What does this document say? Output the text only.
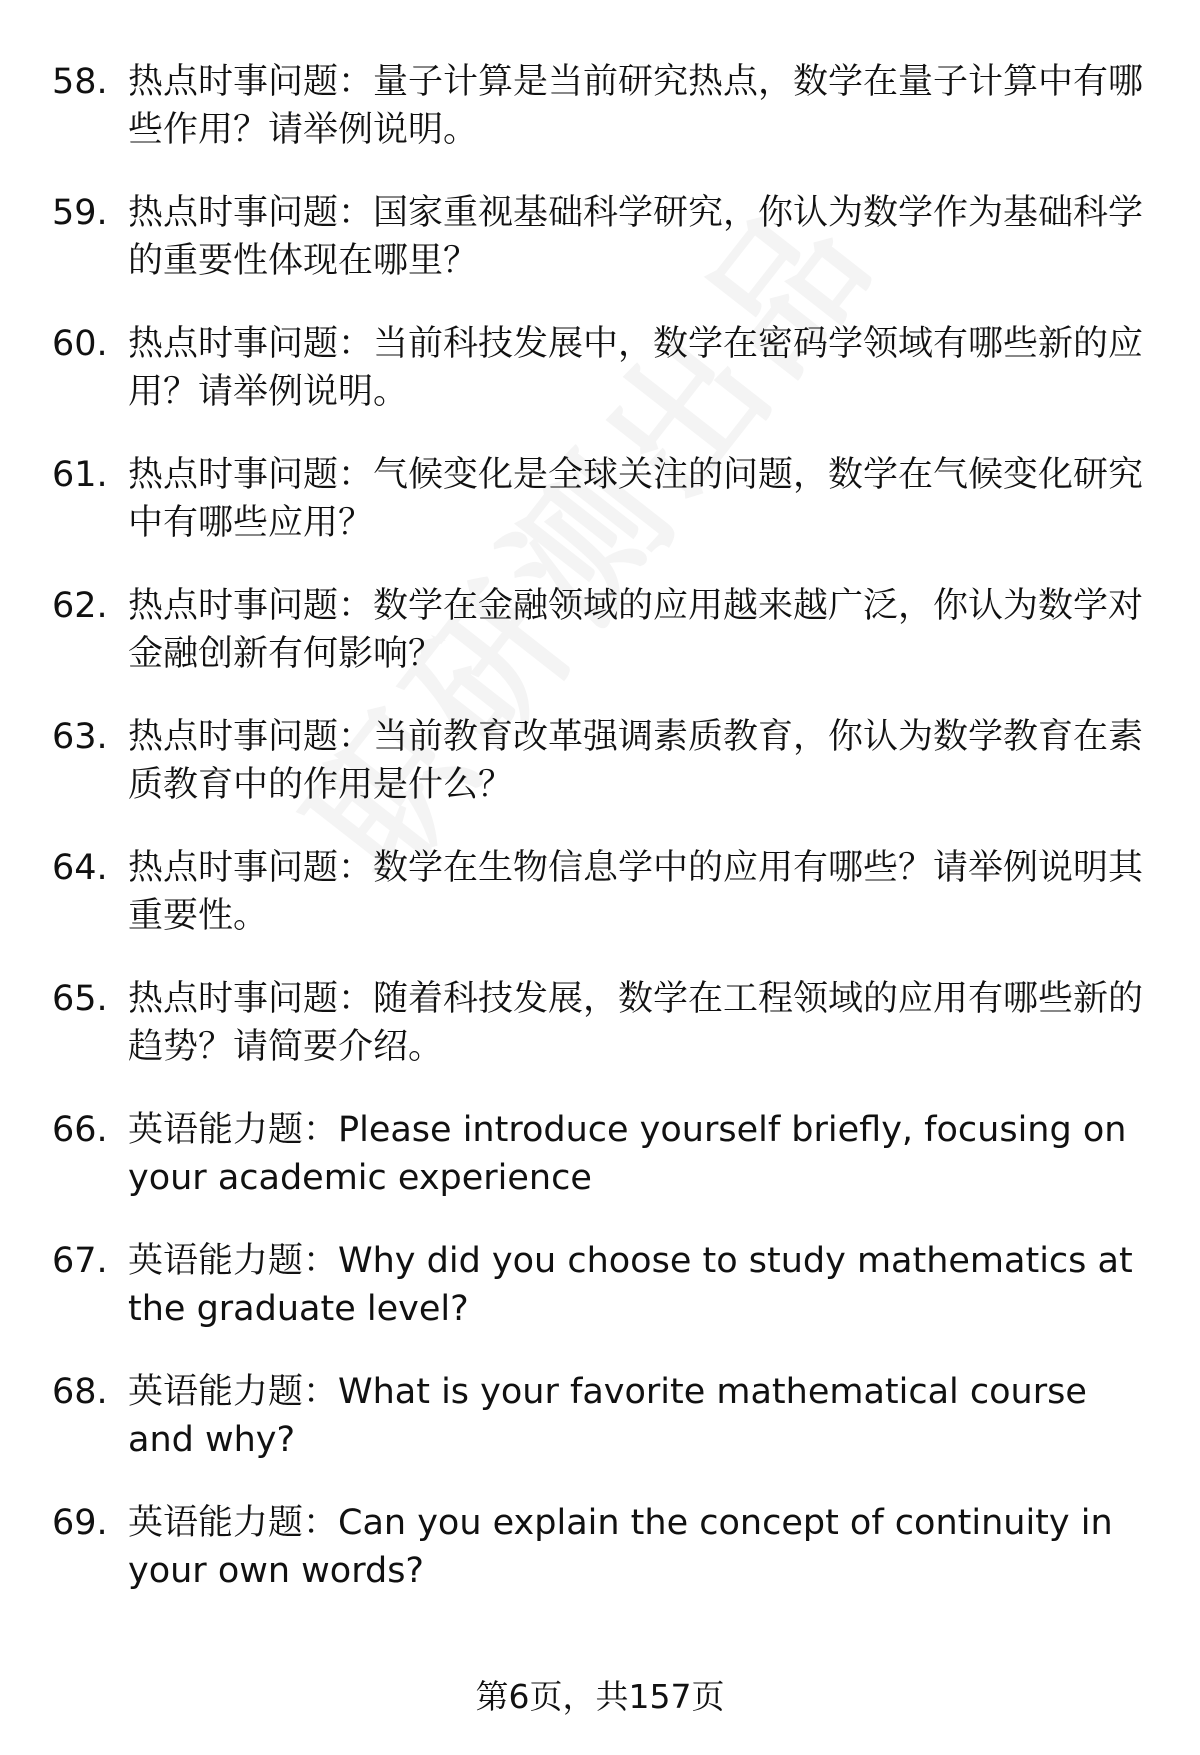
58. 热点时事问题：量子计算是当前研究热点，数学在量子计算中有哪些作用？请举例说明。
59. 热点时事问题：国家重视基础科学研究，你认为数学作为基础科学的重要性体现在哪里？
60. 热点时事问题：当前科技发展中，数学在密码学领域有哪些新的应用？请举例说明。
61. 热点时事问题：气候变化是全球关注的问题，数学在气候变化研究中有哪些应用？
62. 热点时事问题：数学在金融领域的应用越来越广泛，你认为数学对金融创新有何影响？
63. 热点时事问题：当前教育改革强调素质教育，你认为数学教育在素质教育中的作用是什么？
64. 热点时事问题：数学在生物信息学中的应用有哪些？请举例说明其重要性。
65. 热点时事问题：随着科技发展，数学在工程领域的应用有哪些新的趋势？请简要介绍。
66. 英语能力题：Please introduce yourself briefly, focusing on your academic experience
67. 英语能力题：Why did you choose to study mathematics at the graduate level?
68. 英语能力题：What is your favorite mathematical course and why?
69. 英语能力题：Can you explain the concept of continuity in your own words?
第6页，共157页
